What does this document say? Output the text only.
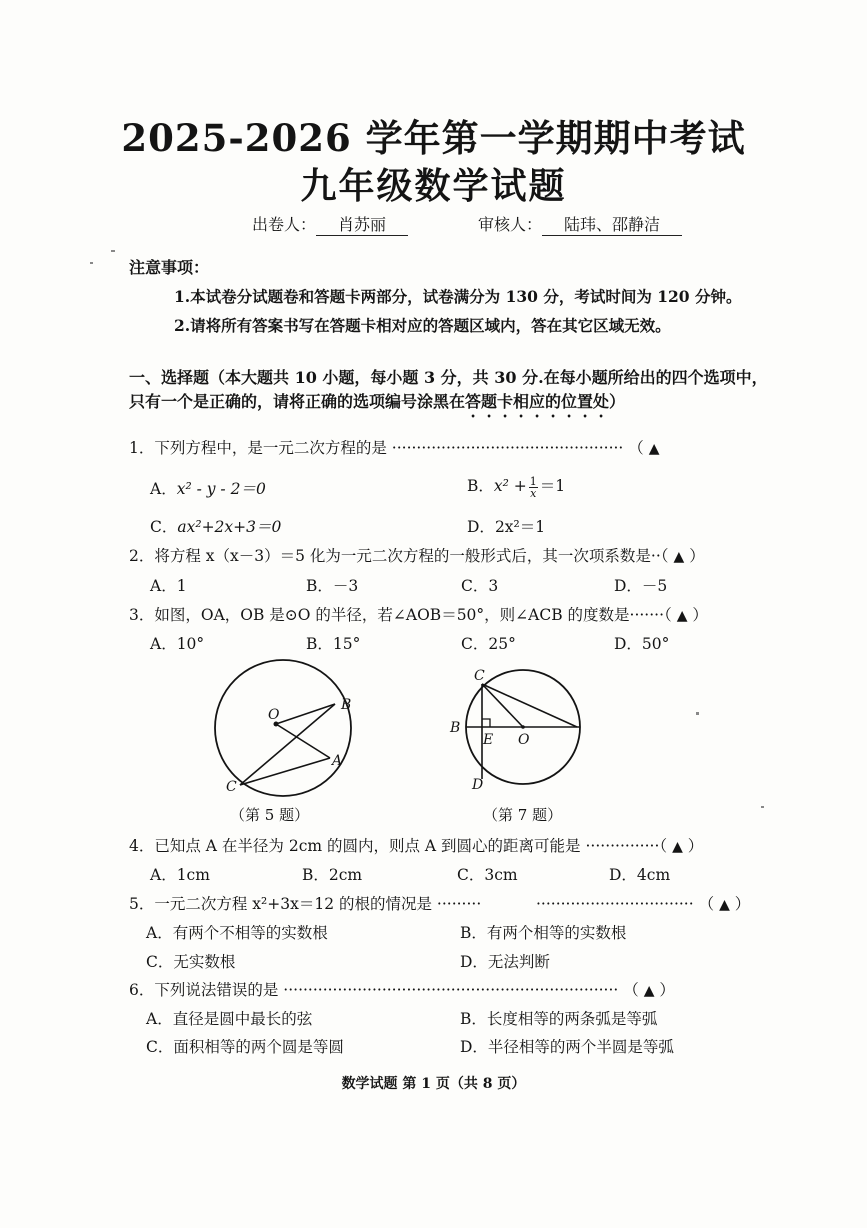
2025-2026 学年第一学期期中考试
九年级数学试题
出卷人： 肖苏丽	审核人： 陆玮、邵静洁
注意事项：
1.本试卷分试题卷和答题卡两部分，试卷满分为 130 分，考试时间为 120 分钟。
2.请将所有答案书写在答题卡相对应的答题区域内，答在其它区域无效。
一、选择题（本大题共 10 小题，每小题 3 分，共 30 分.在每小题所给出的四个选项中，
只有一个是正确的，请将正确的选项编号涂黑在答题卡相应的位置处）
1．下列方程中，是一元二次方程的是 ··············································· （ ▲
A．x² - y - 2＝0	B．$x^2 + \frac{1}{x} =1$
C．ax²+2x+3＝0	D．2x²＝1
2．将方程 x（x－3）＝5 化为一元二次方程的一般形式后，其一次项系数是··（ ▲ ）
A．1	B．－3	C．3	D．－5
3．如图，OA，OB 是⊙O 的半径，若∠AOB＝50°，则∠ACB 的度数是·······（ ▲ ）
A．10°	B．15°	C．25°	D．50°
O
B
A
C
（第 5 题）
C
B
E O
D
（第 7 题）
4．已知点 A 在半径为 2cm 的圆内，则点 A 到圆心的距离可能是 ···············（ ▲ ）
A．1cm	B．2cm	C．3cm	D．4cm
5．一元二次方程 x²+3x＝12 的根的情况是 ·········	································ （ ▲ ）
A．有两个不相等的实数根	B．有两个相等的实数根
C．无实数根	D．无法判断
6．下列说法错误的是 ···································································· （ ▲ ）
A．直径是圆中最长的弦	B．长度相等的两条弧是等弧
C．面积相等的两个圆是等圆	D．半径相等的两个半圆是等弧
数学试题 第 1 页（共 8 页）
